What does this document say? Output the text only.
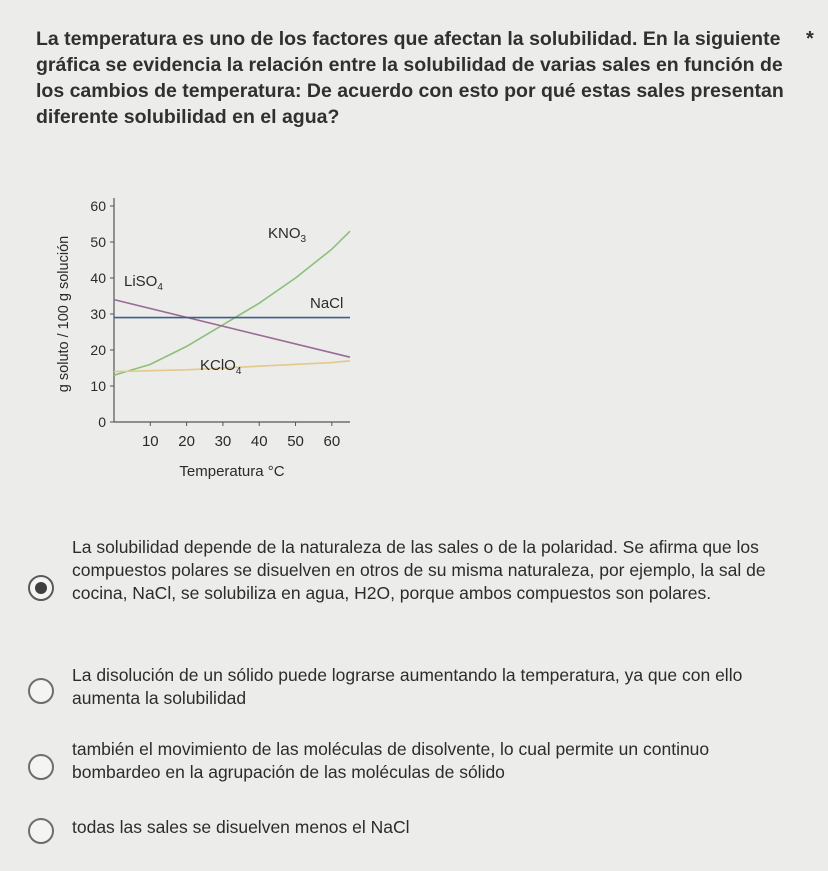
La temperatura es uno de los factores que afectan la solubilidad. En la siguiente gráfica se evidencia la relación entre la solubilidad de varias sales en función de los cambios de temperatura: De acuerdo con esto por qué estas sales presentan diferente solubilidad en el agua?
*
0
10
20
30
40
50
60
10 20 30 40 50 60
Temperatura °C
g soluto / 100 g solución
$KNO_3$
LiSO$_4$
NaCl
KClO$_4$
La solubilidad depende de la naturaleza de las sales o de la polaridad. Se afirma que los compuestos polares se disuelven en otros de su misma naturaleza, por ejemplo, la sal de cocina, NaCl, se solubiliza en agua, H2O, porque ambos compuestos son polares.
La disolución de un sólido puede lograrse aumentando la temperatura, ya que con ello aumenta la solubilidad
también el movimiento de las moléculas de disolvente, lo cual permite un continuo bombardeo en la agrupación de las moléculas de sólido
todas las sales se disuelven menos el NaCl
